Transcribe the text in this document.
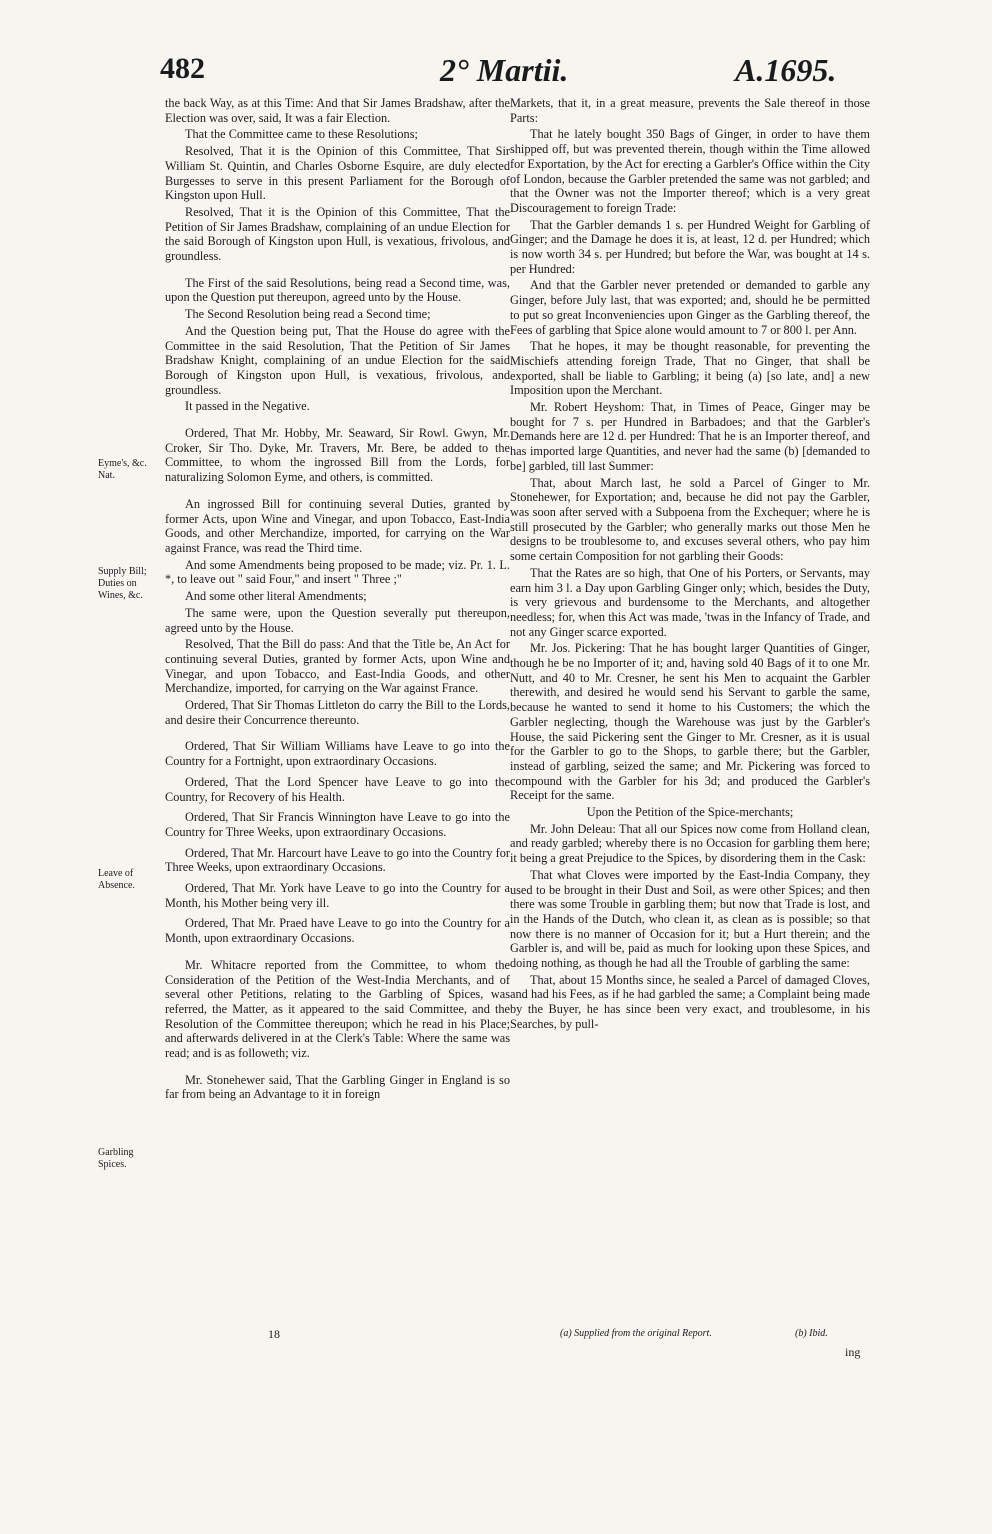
482	2° Martii.	A.1695.
Eyme's, &c. Nat.
Supply Bill; Duties on Wines, &c.
Leave of Absence.
Garbling Spices.

the back Way, as at this Time: And that Sir James Bradshaw, after the Election was over, said, It was a fair Election.

That the Committee came to these Resolutions;

Resolved, That it is the Opinion of this Committee, That Sir William St. Quintin, and Charles Osborne Esquire, are duly elected Burgesses to serve in this present Parliament for the Borough of Kingston upon Hull.

Resolved, That it is the Opinion of this Committee, That the Petition of Sir James Bradshaw, complaining of an undue Election for the said Borough of Kingston upon Hull, is vexatious, frivolous, and groundless.

The First of the said Resolutions, being read a Second time, was, upon the Question put thereupon, agreed unto by the House.

The Second Resolution being read a Second time;

And the Question being put, That the House do agree with the Committee in the said Resolution, That the Petition of Sir James Bradshaw Knight, complaining of an undue Election for the said Borough of Kingston upon Hull, is vexatious, frivolous, and groundless.

It passed in the Negative.

Ordered, That Mr. Hobby, Mr. Seaward, Sir Rowl. Gwyn, Mr. Croker, Sir Tho. Dyke, Mr. Travers, Mr. Bere, be added to the Committee, to whom the ingrossed Bill from the Lords, for naturalizing Solomon Eyme, and others, is committed.

An ingrossed Bill for continuing several Duties, granted by former Acts, upon Wine and Vinegar, and upon Tobacco, East-India Goods, and other Merchandize, imported, for carrying on the War against France, was read the Third time.

And some Amendments being proposed to be made; viz. Pr. 1. L. *, to leave out " said Four," and insert " Three ;"

And some other literal Amendments;

The same were, upon the Question severally put thereupon, agreed unto by the House.

Resolved, That the Bill do pass: And that the Title be, An Act for continuing several Duties, granted by former Acts, upon Wine and Vinegar, and upon Tobacco, and East-India Goods, and other Merchandize, imported, for carrying on the War against France.

Ordered, That Sir Thomas Littleton do carry the Bill to the Lords, and desire their Concurrence thereunto.

Ordered, That Sir William Williams have Leave to go into the Country for a Fortnight, upon extraordinary Occasions.

Ordered, That the Lord Spencer have Leave to go into the Country, for Recovery of his Health.

Ordered, That Sir Francis Winnington have Leave to go into the Country for Three Weeks, upon extraordinary Occasions.

Ordered, That Mr. Harcourt have Leave to go into the Country for Three Weeks, upon extraordinary Occasions.

Ordered, That Mr. York have Leave to go into the Country for a Month, his Mother being very ill.

Ordered, That Mr. Praed have Leave to go into the Country for a Month, upon extraordinary Occasions.

Mr. Whitacre reported from the Committee, to whom the Consideration of the Petition of the West-India Merchants, and of several other Petitions, relating to the Garbling of Spices, was referred, the Matter, as it appeared to the said Committee, and the Resolution of the Committee thereupon; which he read in his Place; and afterwards delivered in at the Clerk's Table: Where the same was read; and is as followeth; viz.

Mr. Stonehewer said, That the Garbling Ginger in England is so far from being an Advantage to it in foreign

Markets, that it, in a great measure, prevents the Sale thereof in those Parts:

That he lately bought 350 Bags of Ginger, in order to have them shipped off, but was prevented therein, though within the Time allowed for Exportation, by the Act for erecting a Garbler's Office within the City of London, because the Garbler pretended the same was not garbled; and that the Owner was not the Importer thereof; which is a very great Discouragement to foreign Trade:

That the Garbler demands 1 s. per Hundred Weight for Garbling of Ginger; and the Damage he does it is, at least, 12 d. per Hundred; which is now worth 34 s. per Hundred; but before the War, was bought at 14 s. per Hundred:

And that the Garbler never pretended or demanded to garble any Ginger, before July last, that was exported; and, should he be permitted to put so great Inconveniencies upon Ginger as the Garbling thereof, the Fees of garbling that Spice alone would amount to 7 or 800 l. per Ann.

That he hopes, it may be thought reasonable, for preventing the Mischiefs attending foreign Trade, That no Ginger, that shall be exported, shall be liable to Garbling; it being (a) [so late, and] a new Imposition upon the Merchant.

Mr. Robert Heyshom: That, in Times of Peace, Ginger may be bought for 7 s. per Hundred in Barbadoes; and that the Garbler's Demands here are 12 d. per Hundred: That he is an Importer thereof, and has imported large Quantities, and never had the same (b) [demanded to be] garbled, till last Summer:

That, about March last, he sold a Parcel of Ginger to Mr. Stonehewer, for Exportation; and, because he did not pay the Garbler, was soon after served with a Subpoena from the Exchequer; where he is still prosecuted by the Garbler; who generally marks out those Men he designs to be troublesome to, and excuses several others, who pay him some certain Composition for not garbling their Goods:

That the Rates are so high, that One of his Porters, or Servants, may earn him 3 l. a Day upon Garbling Ginger only; which, besides the Duty, is very grievous and burdensome to the Merchants, and altogether needless; for, when this Act was made, 'twas in the Infancy of Trade, and not any Ginger scarce exported.

Mr. Jos. Pickering: That he has bought larger Quantities of Ginger, though he be no Importer of it; and, having sold 40 Bags of it to one Mr. Nutt, and 40 to Mr. Cresner, he sent his Men to acquaint the Garbler therewith, and desired he would send his Servant to garble the same, because he wanted to send it home to his Customers; the which the Garbler neglecting, though the Warehouse was just by the Garbler's House, the said Pickering sent the Ginger to Mr. Cresner, as it is usual for the Garbler to go to the Shops, to garble there; but the Garbler, instead of garbling, seized the same; and Mr. Pickering was forced to compound with the Garbler for his 3d; and produced the Garbler's Receipt for the same.

Upon the Petition of the Spice-merchants;

Mr. John Deleau: That all our Spices now come from Holland clean, and ready garbled; whereby there is no Occasion for garbling them here; it being a great Prejudice to the Spices, by disordering them in the Cask:

That what Cloves were imported by the East-India Company, they used to be brought in their Dust and Soil, as were other Spices; and then there was some Trouble in garbling them; but now that Trade is lost, and in the Hands of the Dutch, who clean it, as clean as is possible; so that now there is no manner of Occasion for it; but a Hurt therein; and the Garbler is, and will be, paid as much for looking upon these Spices, and doing nothing, as though he had all the Trouble of garbling the same:

That, about 15 Months since, he sealed a Parcel of damaged Cloves, and had his Fees, as if he had garbled the same; a Complaint being made by the Buyer, he has since been very exact, and troublesome, in his Searches, by pull-

18	(a) Supplied from the original Report.	(b) Ibid.
ing
